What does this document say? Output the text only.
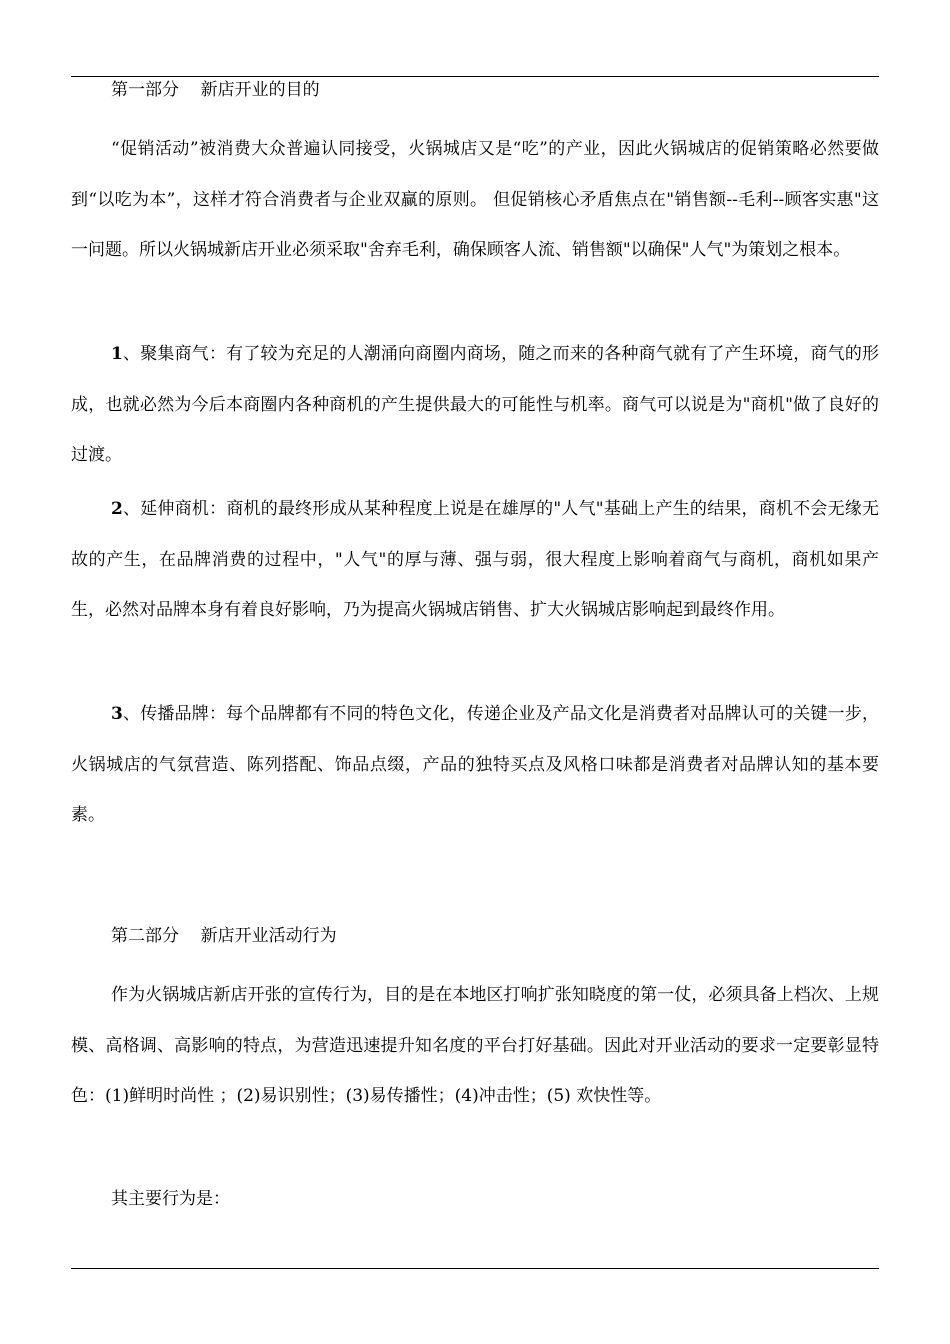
第一部分    新店开业的目的

“促销活动”被消费大众普遍认同接受，火锅城店又是“吃”的产业，因此火锅城店的促销策略必然要做到“以吃为本”，这样才符合消费者与企业双赢的原则。 但促销核心矛盾焦点在"销售额--毛利--顾客实惠"这一问题。所以火锅城新店开业必须采取"舍弃毛利，确保顾客人流、销售额"以确保"人气"为策划之根本。

1、聚集商气：有了较为充足的人潮涌向商圈内商场，随之而来的各种商气就有了产生环境，商气的形成，也就必然为今后本商圈内各种商机的产生提供最大的可能性与机率。商气可以说是为"商机"做了良好的过渡。

2、延伸商机：商机的最终形成从某种程度上说是在雄厚的"人气"基础上产生的结果，商机不会无缘无故的产生，在品牌消费的过程中，"人气"的厚与薄、强与弱，很大程度上影响着商气与商机，商机如果产生，必然对品牌本身有着良好影响，乃为提高火锅城店销售、扩大火锅城店影响起到最终作用。

3、传播品牌：每个品牌都有不同的特色文化，传递企业及产品文化是消费者对品牌认可的关键一步，火锅城店的气氛营造、陈列搭配、饰品点缀，产品的独特买点及风格口味都是消费者对品牌认知的基本要素。

第二部分    新店开业活动行为

作为火锅城店新店开张的宣传行为，目的是在本地区打响扩张知晓度的第一仗，必须具备上档次、上规模、高格调、高影响的特点，为营造迅速提升知名度的平台打好基础。因此对开业活动的要求一定要彰显特色：(1)鲜明时尚性 ；(2)易识别性；(3)易传播性；(4)冲击性；(5) 欢快性等。

其主要行为是：
